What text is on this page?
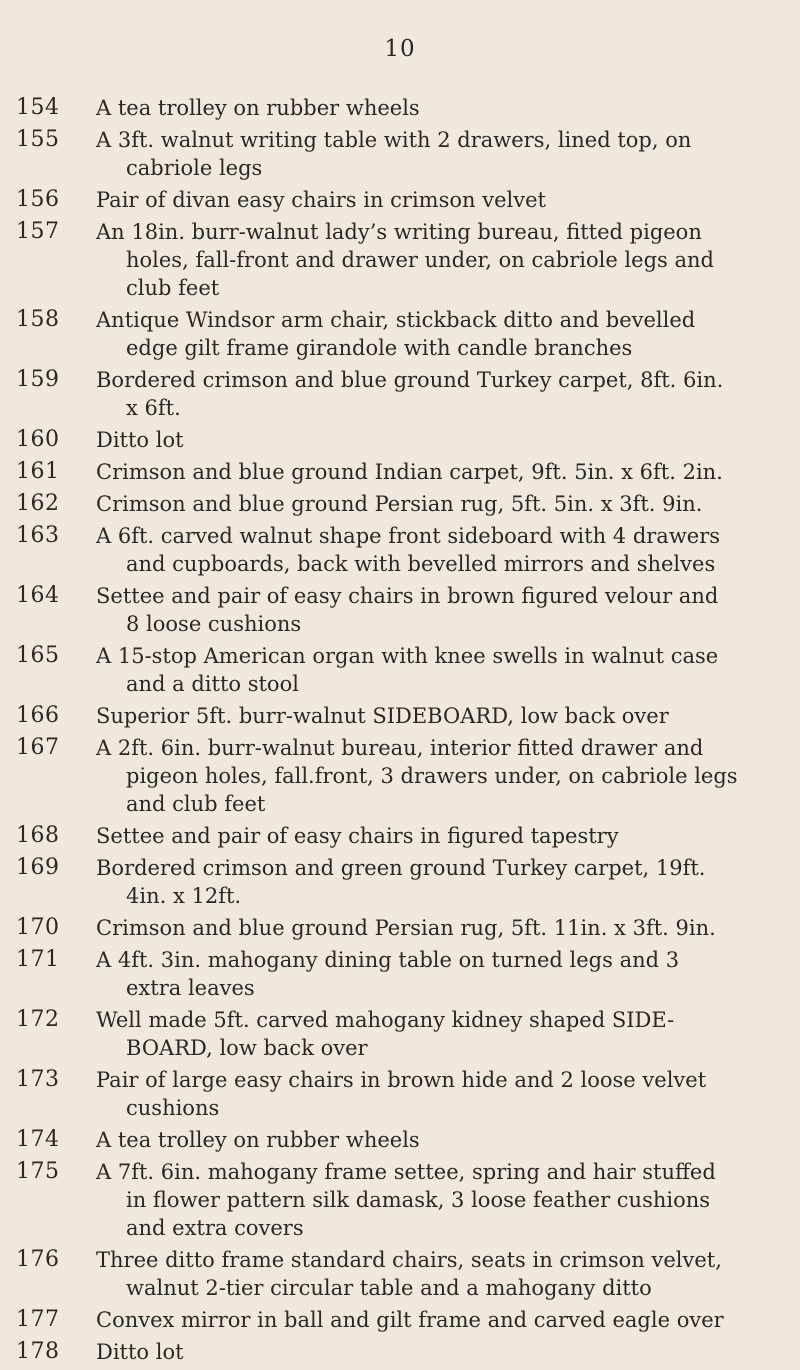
10
154	A tea trolley on rubber wheels
155	A 3ft. walnut writing table with 2 drawers, lined top, on
cabriole legs
156	Pair of divan easy chairs in crimson velvet
157	An 18in. burr-walnut lady’s writing bureau, fitted pigeon
holes, fall-front and drawer under, on cabriole legs and
club feet
158	Antique Windsor arm chair, stickback ditto and bevelled
edge gilt frame girandole with candle branches
159	Bordered crimson and blue ground Turkey carpet, 8ft. 6in.
x 6ft.
160	Ditto lot
161	Crimson and blue ground Indian carpet, 9ft. 5in. x 6ft. 2in.
162	Crimson and blue ground Persian rug, 5ft. 5in. x 3ft. 9in.
163	A 6ft. carved walnut shape front sideboard with 4 drawers
and cupboards, back with bevelled mirrors and shelves
164	Settee and pair of easy chairs in brown figured velour and
8 loose cushions
165	A 15-stop American organ with knee swells in walnut case
and a ditto stool
166	Superior 5ft. burr-walnut SIDEBOARD, low back over
167	A 2ft. 6in. burr-walnut bureau, interior fitted drawer and
pigeon holes, fall.front, 3 drawers under, on cabriole legs
and club feet
168	Settee and pair of easy chairs in figured tapestry
169	Bordered crimson and green ground Turkey carpet, 19ft.
4in. x 12ft.
170	Crimson and blue ground Persian rug, 5ft. 11in. x 3ft. 9in.
171	A 4ft. 3in. mahogany dining table on turned legs and 3
extra leaves
172	Well made 5ft. carved mahogany kidney shaped SIDE-
BOARD, low back over
173	Pair of large easy chairs in brown hide and 2 loose velvet
cushions
174	A tea trolley on rubber wheels
175	A 7ft. 6in. mahogany frame settee, spring and hair stuffed
in flower pattern silk damask, 3 loose feather cushions
and extra covers
176	Three ditto frame standard chairs, seats in crimson velvet,
walnut 2-tier circular table and a mahogany ditto
177	Convex mirror in ball and gilt frame and carved eagle over
178	Ditto lot
